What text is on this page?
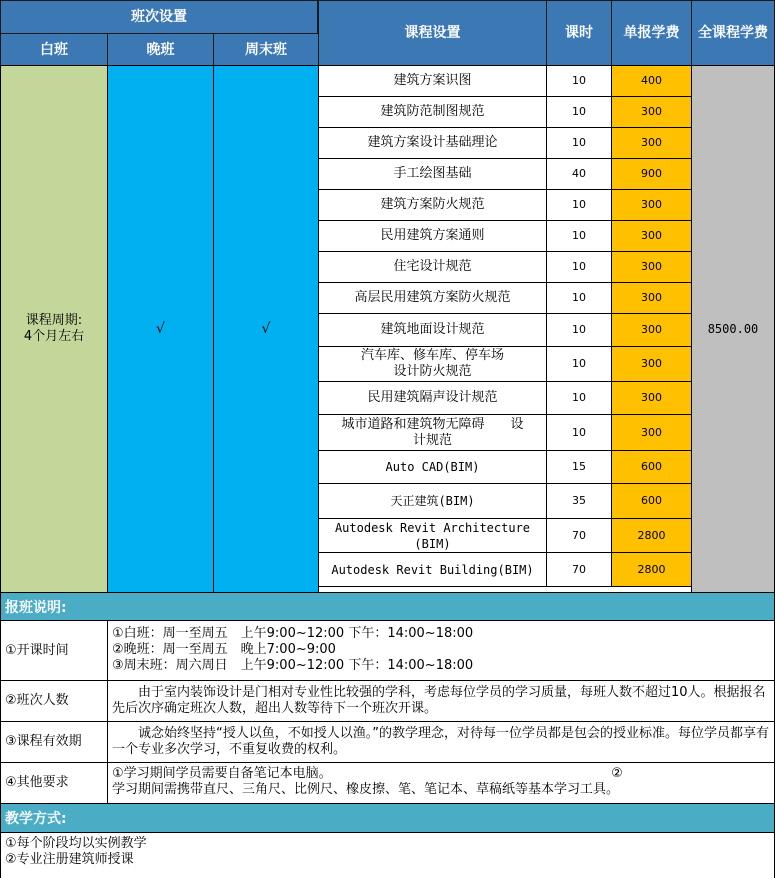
班次设置
白班	晚班	周末班
课程设置	课时	单报学费	全课程学费
课程周期:
4个月左右	√	√	8500.00
建筑方案识图	10	400
建筑防范制图规范	10	300
建筑方案设计基础理论	10	300
手工绘图基础	40	900
建筑方案防火规范	10	300
民用建筑方案通则	10	300
住宅设计规范	10	300
高层民用建筑方案防火规范	10	300
建筑地面设计规范	10	300
汽车库、修车库、停车场
设计防火规范
10	300
民用建筑隔声设计规范	10	300
城市道路和建筑物无障碍　　设
计规范
10	300
Auto CAD(BIM)	15	600
天正建筑(BIM)	35	600
Autodesk Revit Architecture
(BIM)
70	2800
Autodesk Revit Building(BIM)	70	2800
报班说明:
①开课时间
①白班：周一至周五　上午9:00~12:00 下午：14:00~18:00
②晚班：周一至周五　晚上7:00~9:00
③周末班：周六周日　上午9:00~12:00 下午：14:00~18:00
②班次人数
　　由于室内装饰设计是门相对专业性比较强的学科，考虑每位学员的学习质量，每班人数不超过10人。根据报名先后次序确定班次人数，超出人数等待下一个班次开课。
③课程有效期
　　诚念始终坚持“授人以鱼，不如授人以渔。”的教学理念，对待每一位学员都是包会的授业标准。每位学员都享有一个专业多次学习，不重复收费的权利。
④其他要求
①学习期间学员需要自备笔记本电脑。　　　　　　　　　　　　　　　　　　　　　　②
学习期间需携带直尺、三角尺、比例尺、橡皮擦、笔、笔记本、草稿纸等基本学习工具。
教学方式:
①每个阶段均以实例教学
②专业注册建筑师授课
